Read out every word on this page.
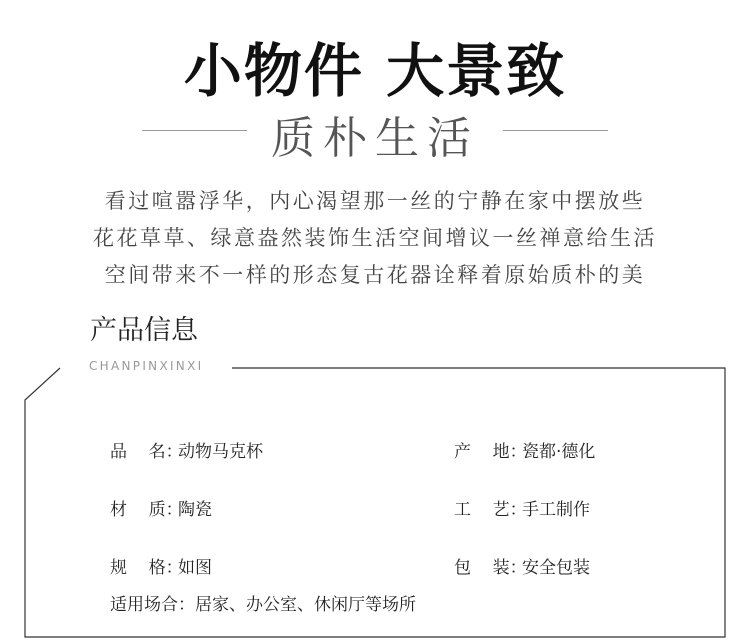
小物件 大景致
质朴生活
看过喧嚣浮华，内心渴望那一丝的宁静在家中摆放些
花花草草、绿意盎然装饰生活空间增议一丝禅意给生活
空间带来不一样的形态复古花器诠释着原始质朴的美
产品信息
CHANPINXINXI
品    名：动物马克杯	产    地：瓷都·德化
材    质：陶瓷	工    艺：手工制作
规    格：如图	包    装：安全包装
适用场合：居家、办公室、休闲厅等场所
